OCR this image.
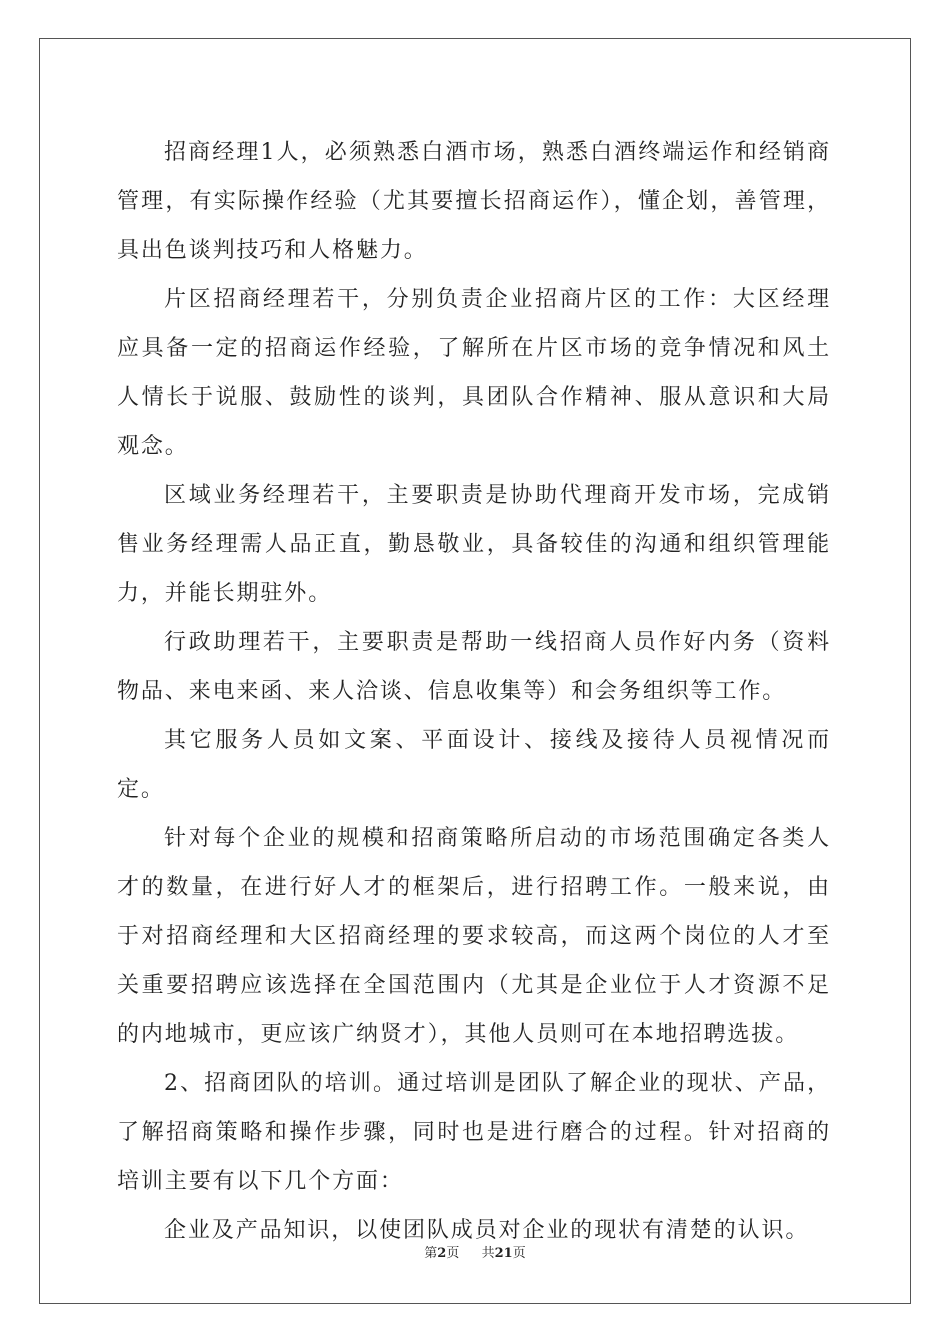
招商经理1人，必须熟悉白酒市场，熟悉白酒终端运作和经销商管理，有实际操作经验（尤其要擅长招商运作），懂企划，善管理，具出色谈判技巧和人格魅力。

片区招商经理若干，分别负责企业招商片区的工作：大区经理应具备一定的招商运作经验，了解所在片区市场的竞争情况和风土人情长于说服、鼓励性的谈判，具团队合作精神、服从意识和大局观念。

区域业务经理若干，主要职责是协助代理商开发市场，完成销售业务经理需人品正直，勤恳敬业，具备较佳的沟通和组织管理能力，并能长期驻外。

行政助理若干，主要职责是帮助一线招商人员作好内务（资料物品、来电来函、来人洽谈、信息收集等）和会务组织等工作。

其它服务人员如文案、平面设计、接线及接待人员视情况而定。

针对每个企业的规模和招商策略所启动的市场范围确定各类人才的数量，在进行好人才的框架后，进行招聘工作。一般来说，由于对招商经理和大区招商经理的要求较高，而这两个岗位的人才至关重要招聘应该选择在全国范围内（尤其是企业位于人才资源不足的内地城市，更应该广纳贤才），其他人员则可在本地招聘选拔。

2、招商团队的培训。通过培训是团队了解企业的现状、产品，了解招商策略和操作步骤，同时也是进行磨合的过程。针对招商的培训主要有以下几个方面：

企业及产品知识，以使团队成员对企业的现状有清楚的认识。

第2页 共21页
